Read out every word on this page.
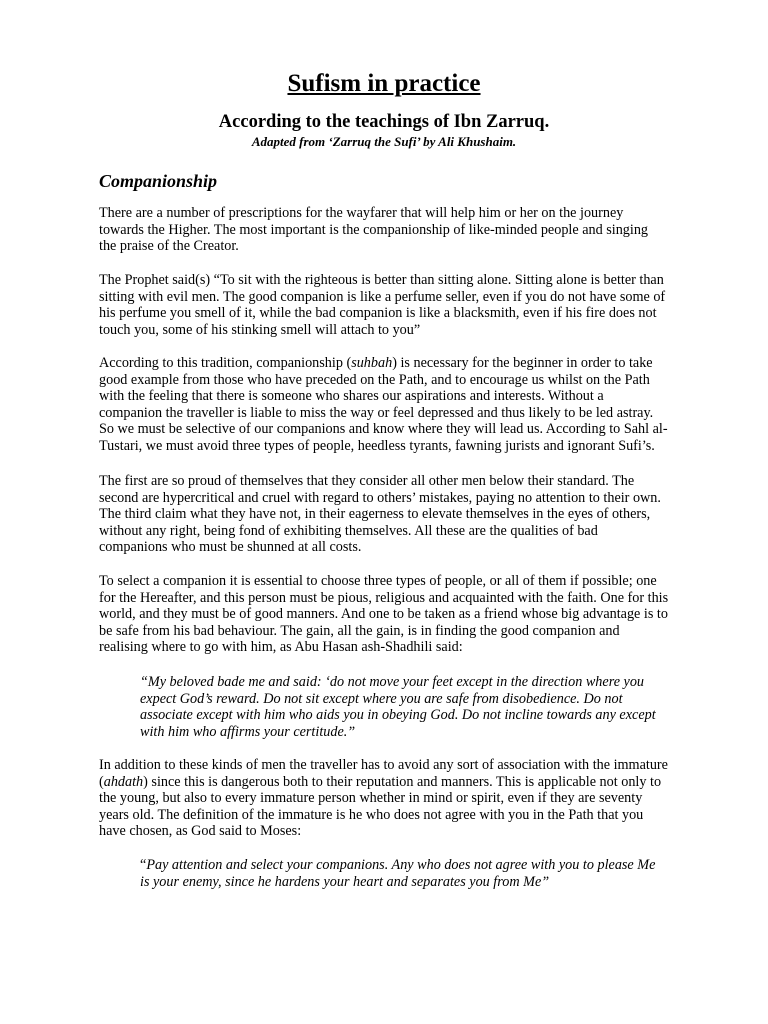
Sufism in practice
According to the teachings of Ibn Zarruq.
Adapted from ‘Zarruq the Sufi’ by Ali Khushaim.
Companionship

There are a number of prescriptions for the wayfarer that will help him or her on the journey
towards the Higher. The most important is the companionship of like-minded people and singing
the praise of the Creator.

The Prophet said(s) “To sit with the righteous is better than sitting alone. Sitting alone is better than
sitting with evil men. The good companion is like a perfume seller, even if you do not have some of
his perfume you smell of it, while the bad companion is like a blacksmith, even if his fire does not
touch you, some of his stinking smell will attach to you”

According to this tradition, companionship (suhbah) is necessary for the beginner in order to take
good example from those who have preceded on the Path, and to encourage us whilst on the Path
with the feeling that there is someone who shares our aspirations and interests. Without a
companion the traveller is liable to miss the way or feel depressed and thus likely to be led astray.
So we must be selective of our companions and know where they will lead us. According to Sahl al-
Tustari, we must avoid three types of people, heedless tyrants, fawning jurists and ignorant Sufi’s.

The first are so proud of themselves that they consider all other men below their standard. The
second are hypercritical and cruel with regard to others’ mistakes, paying no attention to their own.
The third claim what they have not, in their eagerness to elevate themselves in the eyes of others,
without any right, being fond of exhibiting themselves. All these are the qualities of bad
companions who must be shunned at all costs.

To select a companion it is essential to choose three types of people, or all of them if possible; one
for the Hereafter, and this person must be pious, religious and acquainted with the faith. One for this
world, and they must be of good manners. And one to be taken as a friend whose big advantage is to
be safe from his bad behaviour. The gain, all the gain, is in finding the good companion and
realising where to go with him, as Abu Hasan ash-Shadhili said:

“My beloved bade me and said: ‘do not move your feet except in the direction where you
expect God’s reward. Do not sit except where you are safe from disobedience. Do not
associate except with him who aids you in obeying God. Do not incline towards any except
with him who affirms your certitude.”

In addition to these kinds of men the traveller has to avoid any sort of association with the immature
(ahdath) since this is dangerous both to their reputation and manners. This is applicable not only to
the young, but also to every immature person whether in mind or spirit, even if they are seventy
years old. The definition of the immature is he who does not agree with you in the Path that you
have chosen, as God said to Moses:

“Pay attention and select your companions. Any who does not agree with you to please Me
is your enemy, since he hardens your heart and separates you from Me”
